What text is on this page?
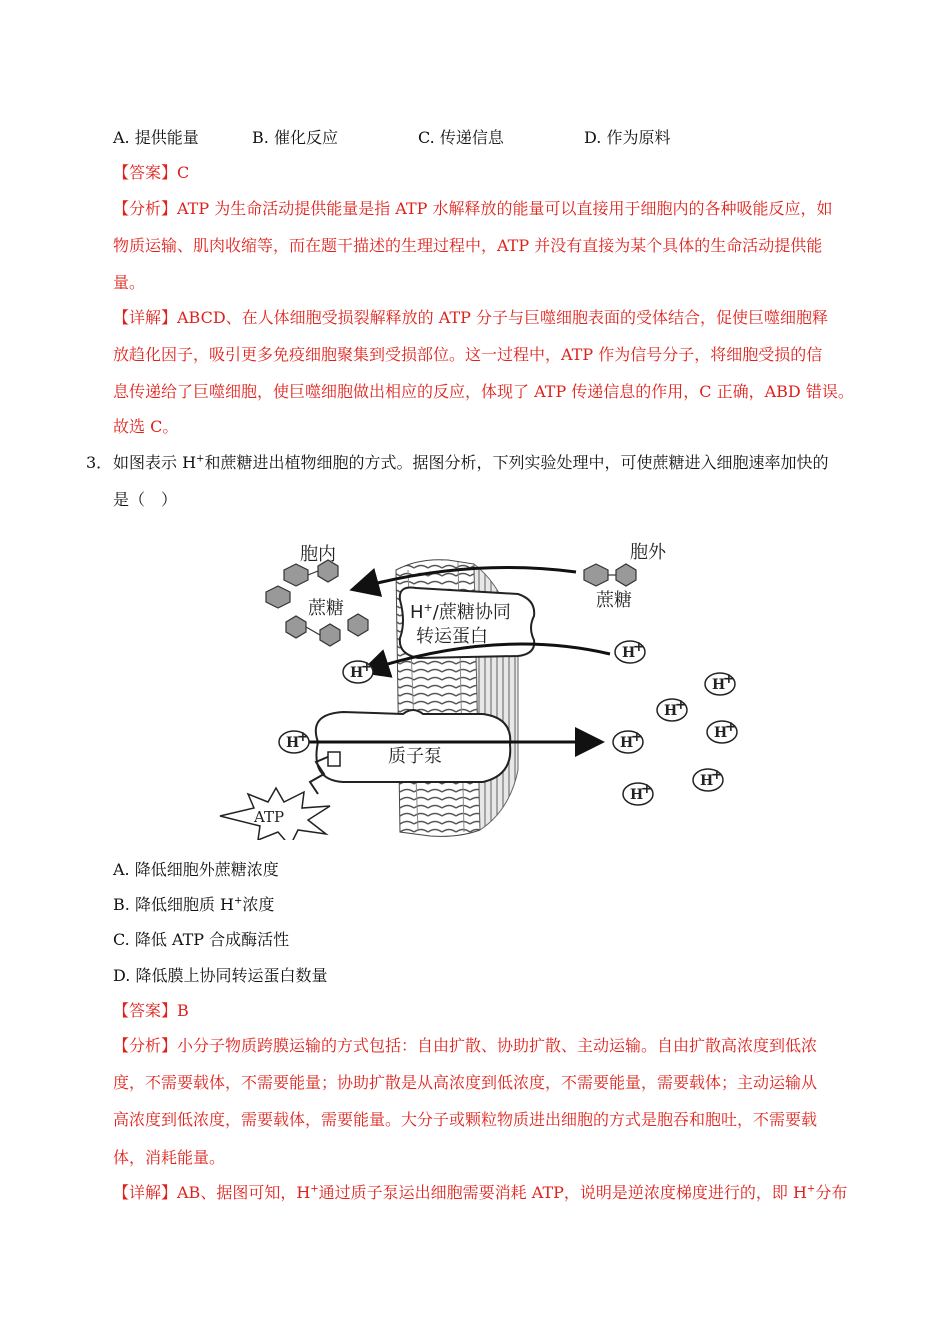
A. 提供能量	B. 催化反应	C. 传递信息	D. 作为原料
【答案】C
【分析】ATP 为生命活动提供能量是指 ATP 水解释放的能量可以直接用于细胞内的各种吸能反应，如
物质运输、肌肉收缩等，而在题干描述的生理过程中，ATP 并没有直接为某个具体的生命活动提供能
量。
【详解】ABCD、在人体细胞受损裂解释放的 ATP 分子与巨噬细胞表面的受体结合，促使巨噬细胞释
放趋化因子，吸引更多免疫细胞聚集到受损部位。这一过程中，ATP 作为信号分子，将细胞受损的信
息传递给了巨噬细胞，使巨噬细胞做出相应的反应，体现了 ATP 传递信息的作用，C 正确，ABD 错误。
故选 C。
3． 如图表示 H+和蔗糖进出植物细胞的方式。据图分析，下列实验处理中，可使蔗糖进入细胞速率加快的
是（　）
ATP
胞内	胞外
蔗糖	蔗糖
H+/蔗糖协同
转运蛋白
质子泵
H
+
H
+
H
+
H
+
H
+
H
+
H
+
H
+
H
+
A. 降低细胞外蔗糖浓度
B. 降低细胞质 H+浓度
C. 降低 ATP 合成酶活性
D. 降低膜上协同转运蛋白数量
【答案】B
【分析】小分子物质跨膜运输的方式包括：自由扩散、协助扩散、主动运输。自由扩散高浓度到低浓
度，不需要载体，不需要能量；协助扩散是从高浓度到低浓度，不需要能量，需要载体；主动运输从
高浓度到低浓度，需要载体，需要能量。大分子或颗粒物质进出细胞的方式是胞吞和胞吐，不需要载
体，消耗能量。
【详解】AB、据图可知，H+通过质子泵运出细胞需要消耗 ATP，说明是逆浓度梯度进行的，即 H+分布
